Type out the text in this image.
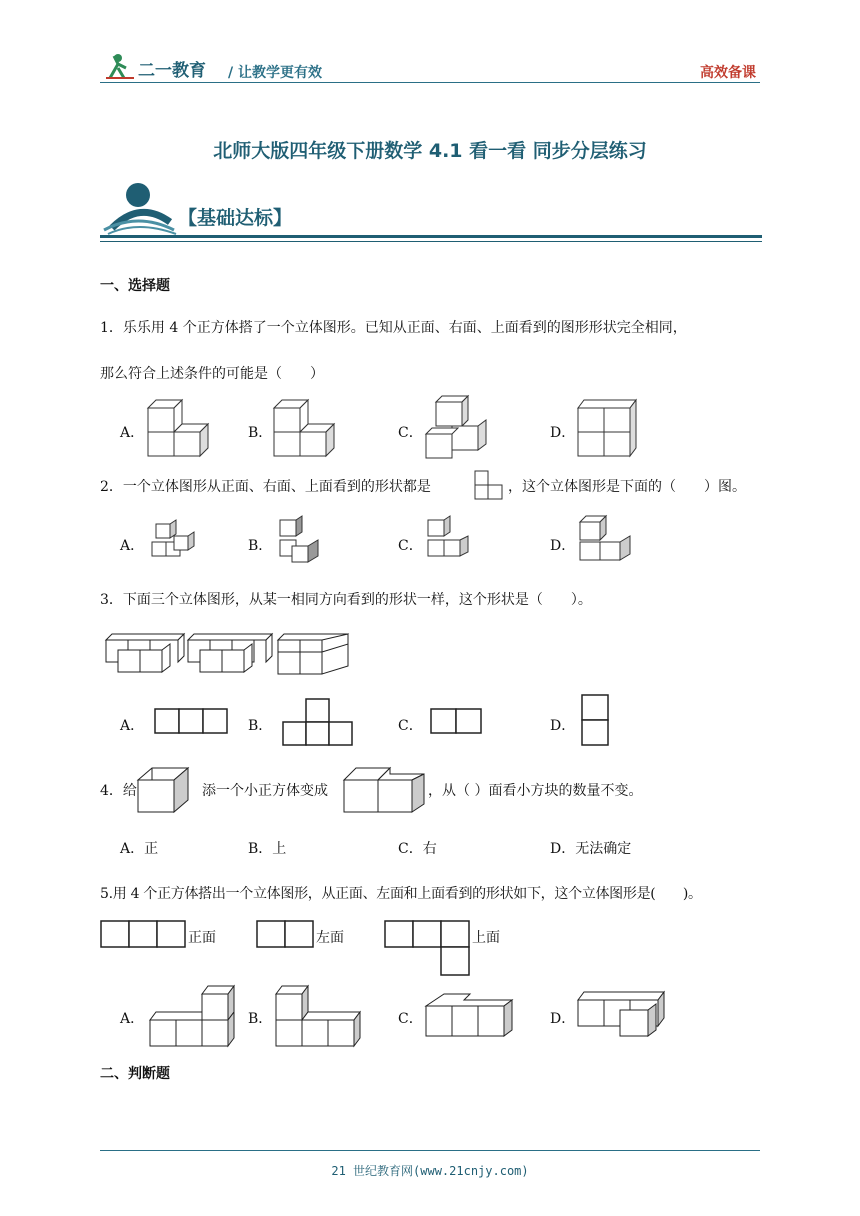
二一教育 / 让教学更有效	高效备课
北师大版四年级下册数学 4.1 看一看 同步分层练习
【基础达标】
一、选择题
1．乐乐用 4 个正方体搭了一个立体图形。已知从正面、右面、上面看到的图形形状完全相同，
那么符合上述条件的可能是（　　）
A．	B．	C．	D．
2．一个立体图形从正面、右面、上面看到的形状都是	，这个立体图形是下面的（　　）图。
A．	B．	C．	D．
3．下面三个立体图形，从某一相同方向看到的形状一样，这个形状是（　　）。
A．	B．	C．	D．
4．给	添一个小正方体变成	，从（ ）面看小方块的数量不变。
A．正	B．上	C．右	D．无法确定
5.用 4 个正方体搭出一个立体图形，从正面、左面和上面看到的形状如下，这个立体图形是(　　)。
正面	左面	上面
A．	B．	C．	D．
二、判断题
21 世纪教育网(www.21cnjy.com)
